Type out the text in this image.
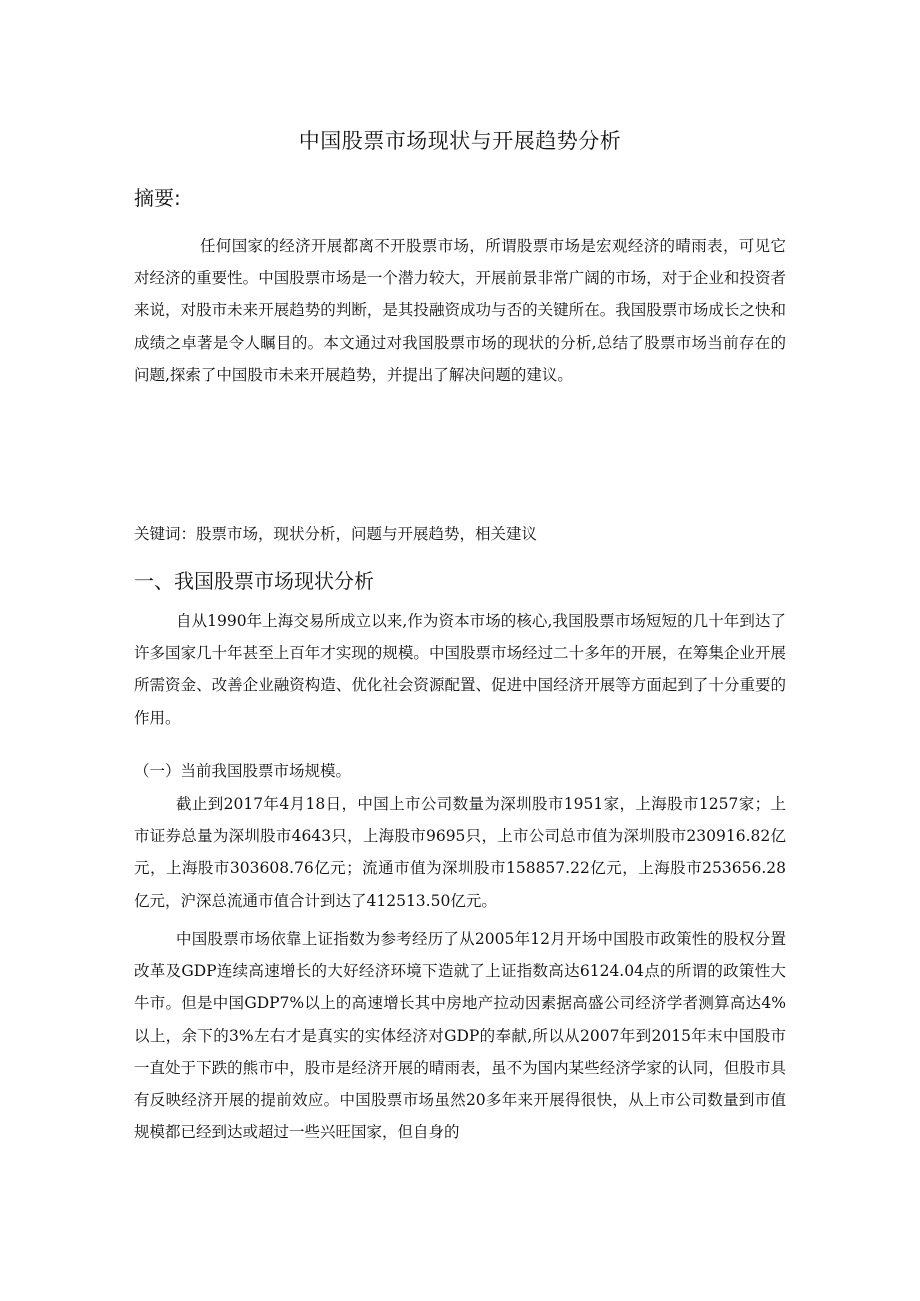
中国股票市场现状与开展趋势分析
摘要:

任何国家的经济开展都离不开股票市场，所谓股票市场是宏观经济的晴雨表，可见它对经济的重要性。中国股票市场是一个潜力较大，开展前景非常广阔的市场，对于企业和投资者来说，对股市未来开展趋势的判断，是其投融资成功与否的关键所在。我国股票市场成长之快和成绩之卓著是令人瞩目的。本文通过对我国股票市场的现状的分析,总结了股票市场当前存在的问题,探索了中国股市未来开展趋势，并提出了解决问题的建议。

关键词：股票市场，现状分析，问题与开展趋势，相关建议
一、我国股票市场现状分析

自从1990年上海交易所成立以来,作为资本市场的核心,我国股票市场短短的几十年到达了许多国家几十年甚至上百年才实现的规模。中国股票市场经过二十多年的开展，在筹集企业开展所需资金、改善企业融资构造、优化社会资源配置、促进中国经济开展等方面起到了十分重要的作用。

（一）当前我国股票市场规模。

截止到2017年4月18日，中国上市公司数量为深圳股市1951家，上海股市1257家；上市证券总量为深圳股市4643只，上海股市9695只，上市公司总市值为深圳股市230916.82亿元，上海股市303608.76亿元；流通市值为深圳股市158857.22亿元，上海股市253656.28亿元，沪深总流通市值合计到达了412513.50亿元。

中国股票市场依靠上证指数为参考经历了从2005年12月开场中国股市政策性的股权分置改革及GDP连续高速增长的大好经济环境下造就了上证指数高达6124.04点的所谓的政策性大牛市。但是中国GDP7%以上的高速增长其中房地产拉动因素据高盛公司经济学者测算高达4%以上，余下的3%左右才是真实的实体经济对GDP的奉献,所以从2007年到2015年末中国股市一直处于下跌的熊市中，股市是经济开展的晴雨表，虽不为国内某些经济学家的认同，但股市具有反映经济开展的提前效应。中国股票市场虽然20多年来开展得很快，从上市公司数量到市值规模都已经到达或超过一些兴旺国家，但自身的
